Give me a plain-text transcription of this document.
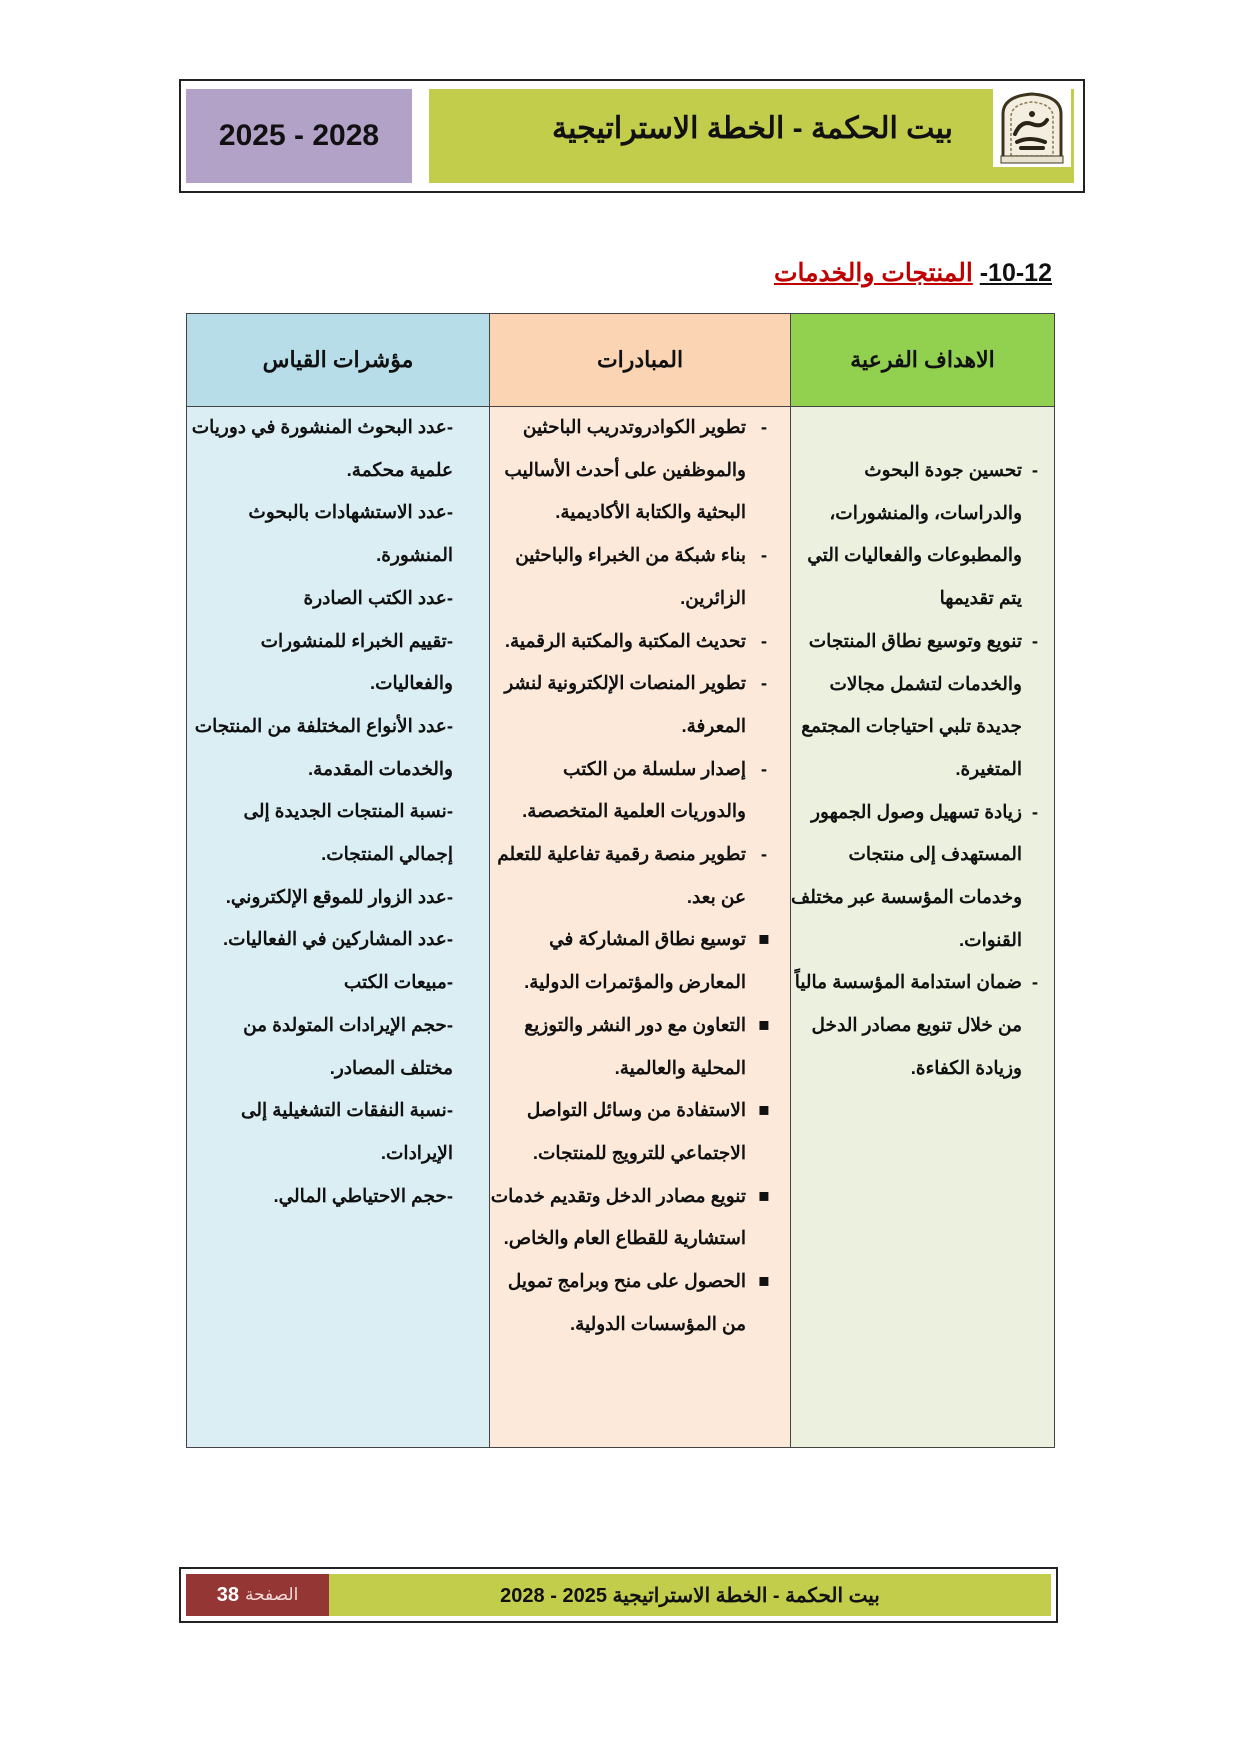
2025 - 2028	بيت الحكمة - الخطة الاستراتيجية
10-12- المنتجات والخدمات
مؤشرات القياس
-عدد البحوث المنشورة في دوريات علمية محكمة.
-عدد الاستشهادات بالبحوث المنشورة.
-عدد الكتب الصادرة
-تقييم الخبراء للمنشورات والفعاليات.
-عدد الأنواع المختلفة من المنتجات والخدمات المقدمة.
-نسبة المنتجات الجديدة إلى إجمالي المنتجات.
-عدد الزوار للموقع الإلكتروني.
-عدد المشاركين في الفعاليات.
-مبيعات الكتب
-حجم الإيرادات المتولدة من مختلف المصادر.
-نسبة النفقات التشغيلية إلى الإيرادات.
-حجم الاحتياطي المالي.
المبادرات
-
تطوير الكوادروتدريب الباحثين والموظفين على أحدث الأساليب البحثية والكتابة الأكاديمية.
-
بناء شبكة من الخبراء والباحثين الزائرين.
-
تحديث المكتبة والمكتبة الرقمية.
-
تطوير المنصات الإلكترونية لنشر المعرفة.
-
إصدار سلسلة من الكتب والدوريات العلمية المتخصصة.
-
تطوير منصة رقمية تفاعلية للتعلم عن بعد.
■
توسيع نطاق المشاركة في المعارض والمؤتمرات الدولية.
■
التعاون مع دور النشر والتوزيع المحلية والعالمية.
■
الاستفادة من وسائل التواصل الاجتماعي للترويج للمنتجات.
■
تنويع مصادر الدخل وتقديم خدمات استشارية للقطاع العام والخاص.
■
الحصول على منح وبرامج تمويل من المؤسسات الدولية.
الاهداف الفرعية
-
تحسين جودة البحوث والدراسات، والمنشورات، والمطبوعات والفعاليات التي يتم تقديمها
-
تنويع وتوسيع نطاق المنتجات والخدمات لتشمل مجالات جديدة تلبي احتياجات المجتمع المتغيرة.
-
زيادة تسهيل وصول الجمهور المستهدف إلى منتجات وخدمات المؤسسة عبر مختلف القنوات.
-
ضمان استدامة المؤسسة مالياً من خلال تنويع مصادر الدخل وزيادة الكفاءة.
الصفحة
38	بيت الحكمة - الخطة الاستراتيجية 2025 - 2028
